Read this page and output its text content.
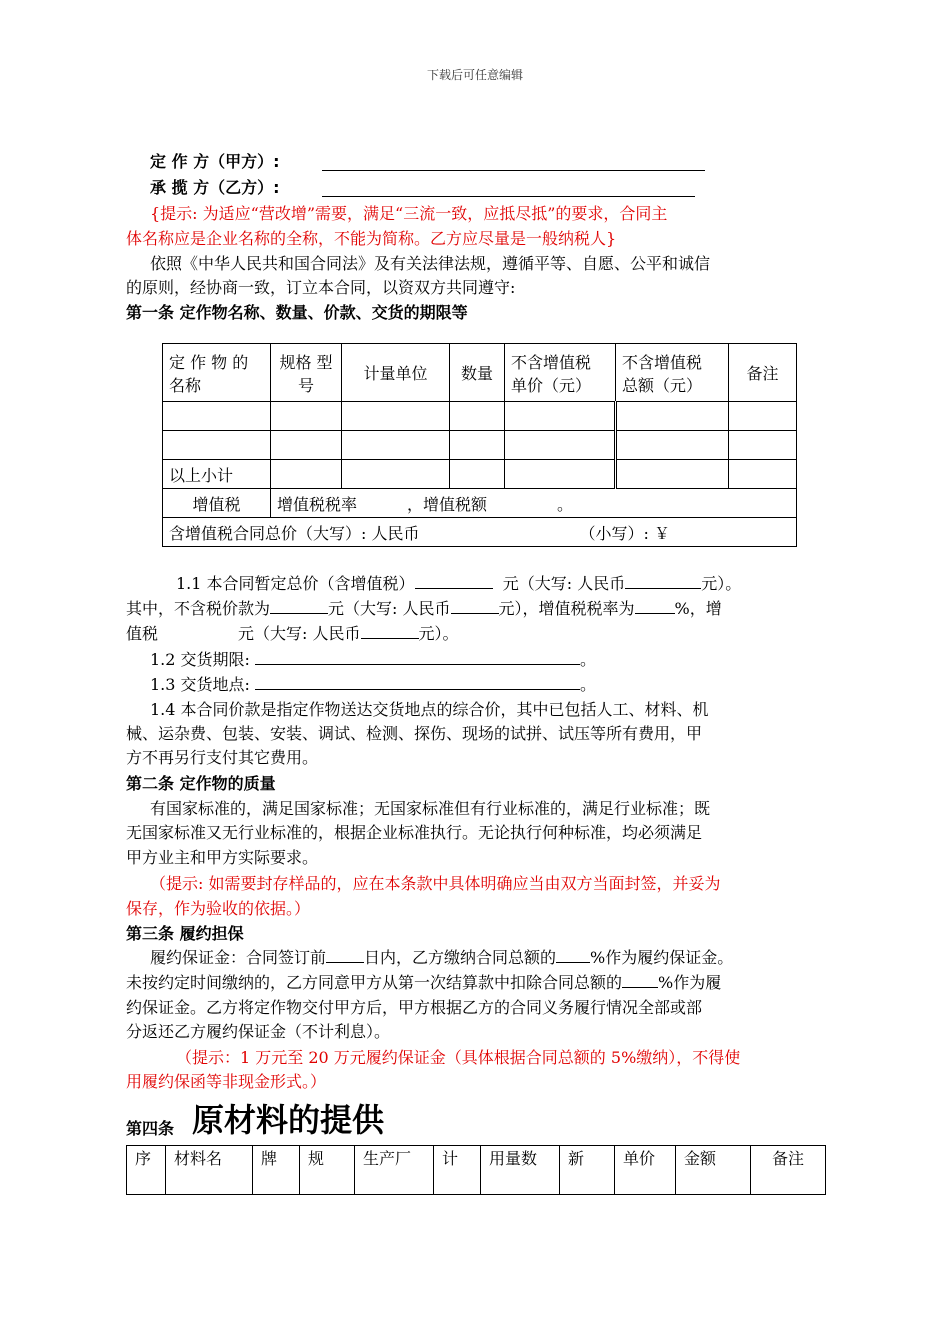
下载后可任意编辑
定 作 方（甲方）:
承 揽 方（乙方）:
{提示: 为适应“营改增”需要，满足“三流一致，应抵尽抵”的要求，合同主
体名称应是企业名称的全称，不能为简称。乙方应尽量是一般纳税人}
依照《中华人民共和国合同法》及有关法律法规，遵循平等、自愿、公平和诚信
的原则，经协商一致，订立本合同，以资双方共同遵守:
第一条 定作物名称、数量、价款、交货的期限等
定 作 物 的 名称	规格 型号	计量单位	数量	不含增值税 单价（元）	不含增值税 总额（元）	备注

以上小计						
增值税	增值税税率 ，增值税额 。					
含增值税合同总价（大写）: 人民币 （小写）: ￥						
1.1 本合同暂定总价（含增值税）	元（大写: 人民币	元）。
其中，不含税价款为	元（大写: 人民币	元），增值税税率为	%，增
值税	元（大写: 人民币	元）。
1.2 交货期限:	。
1.3 交货地点:	。
1.4 本合同价款是指定作物送达交货地点的综合价，其中已包括人工、材料、机
械、运杂费、包装、安装、调试、检测、探伤、现场的试拼、试压等所有费用，甲
方不再另行支付其它费用。
第二条 定作物的质量
有国家标准的，满足国家标准；无国家标准但有行业标准的，满足行业标准；既
无国家标准又无行业标准的，根据企业标准执行。无论执行何种标准，均必须满足
甲方业主和甲方实际要求。
（提示: 如需要封存样品的，应在本条款中具体明确应当由双方当面封签，并妥为
保存，作为验收的依据。）
第三条 履约担保
履约保证金：合同签订前 日内，乙方缴纳合同总额的 %作为履约保证金。
未按约定时间缴纳的，乙方同意甲方从第一次结算款中扣除合同总额的 %作为履
约保证金。乙方将定作物交付甲方后，甲方根据乙方的合同义务履行情况全部或部
分返还乙方履约保证金（不计利息）。
（提示：1 万元至 20 万元履约保证金（具体根据合同总额的 5%缴纳），不得使
用履约保函等非现金形式。）
第四条 原材料的提供
序	材料名	牌	规	生产厂	计	用量数	新	单价	金额	备注
